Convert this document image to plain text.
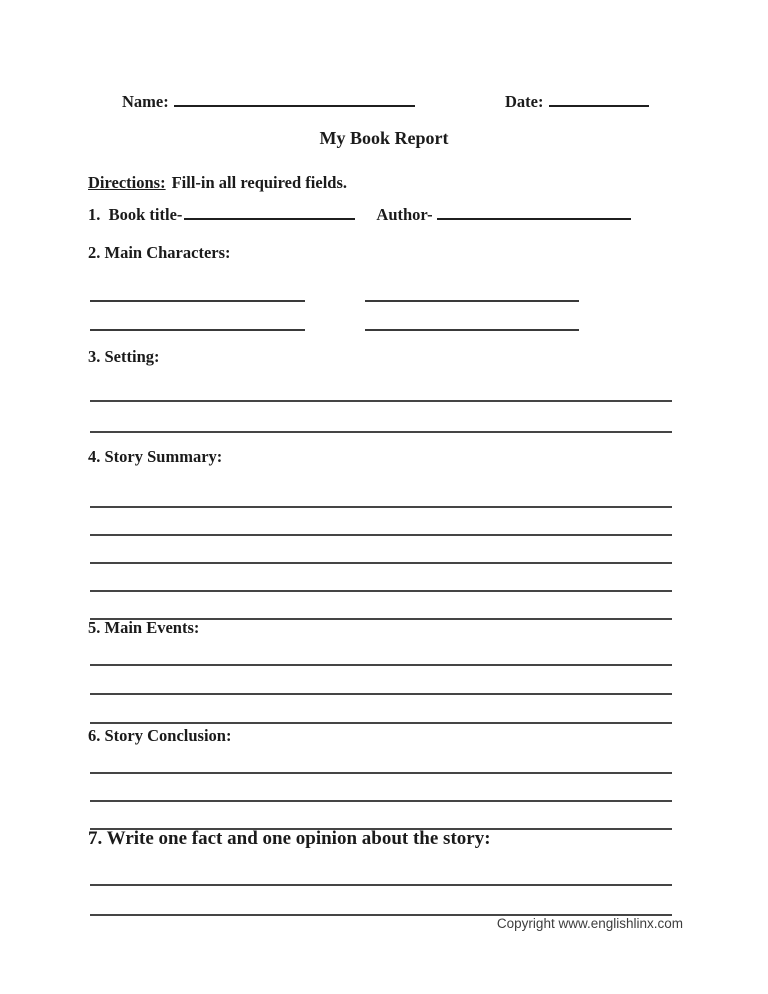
Name:	Date:
My Book Report
Directions: Fill-in all required fields.
1.  Book title-	Author-
2. Main Characters:
3. Setting:
4. Story Summary:
5. Main Events:
6. Story Conclusion:
7. Write one fact and one opinion about the story:
Copyright www.englishlinx.com
